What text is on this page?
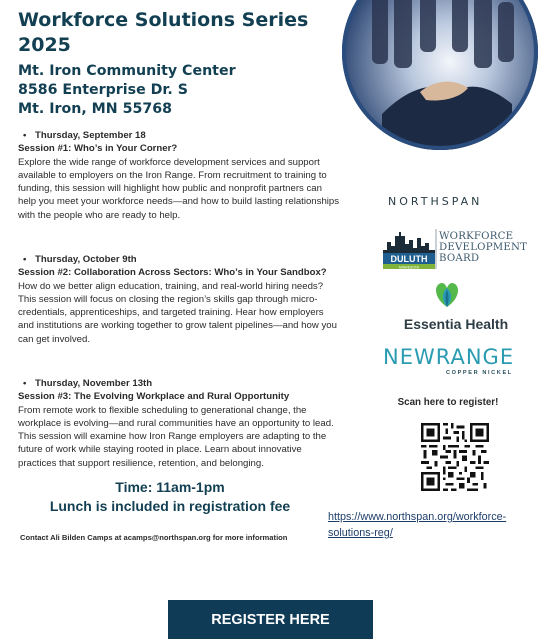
Workforce Solutions Series
2025
Mt. Iron Community Center
8586 Enterprise Dr. S
Mt. Iron, MN 55768
• Thursday, September 18
Session #1: Who’s in Your Corner?
Explore the wide range of workforce development services and support available to employers on the Iron Range. From recruitment to training to funding, this session will highlight how public and nonprofit partners can help you meet your workforce needs—and how to build lasting relationships with the people who are ready to help.
• Thursday, October 9th
Session #2: Collaboration Across Sectors: Who’s in Your Sandbox?
How do we better align education, training, and real-world hiring needs? This session will focus on closing the region’s skills gap through micro-credentials, apprenticeships, and targeted training. Hear how employers and institutions are working together to grow talent pipelines—and how you can get involved.
• Thursday, November 13th
Session #3: The Evolving Workplace and Rural Opportunity
From remote work to flexible scheduling to generational change, the workplace is evolving—and rural communities have an opportunity to lead. This session will examine how Iron Range employers are adapting to the future of work while staying rooted in place. Learn about innovative practices that support resilience, retention, and belonging.
Time: 11am-1pm
Lunch is included in registration fee
Contact Ali Bilden Camps at acamps@northspan.org for more information
NORTHSPAN
DULUTH
MINNESOTA
WORKFORCE
DEVELOPMENT
BOARD
Essentia Health
NEWRANGE
COPPER NICKEL
Scan here to register!
https://www.northspan.org/workforce-solutions-reg/
REGISTER HERE
